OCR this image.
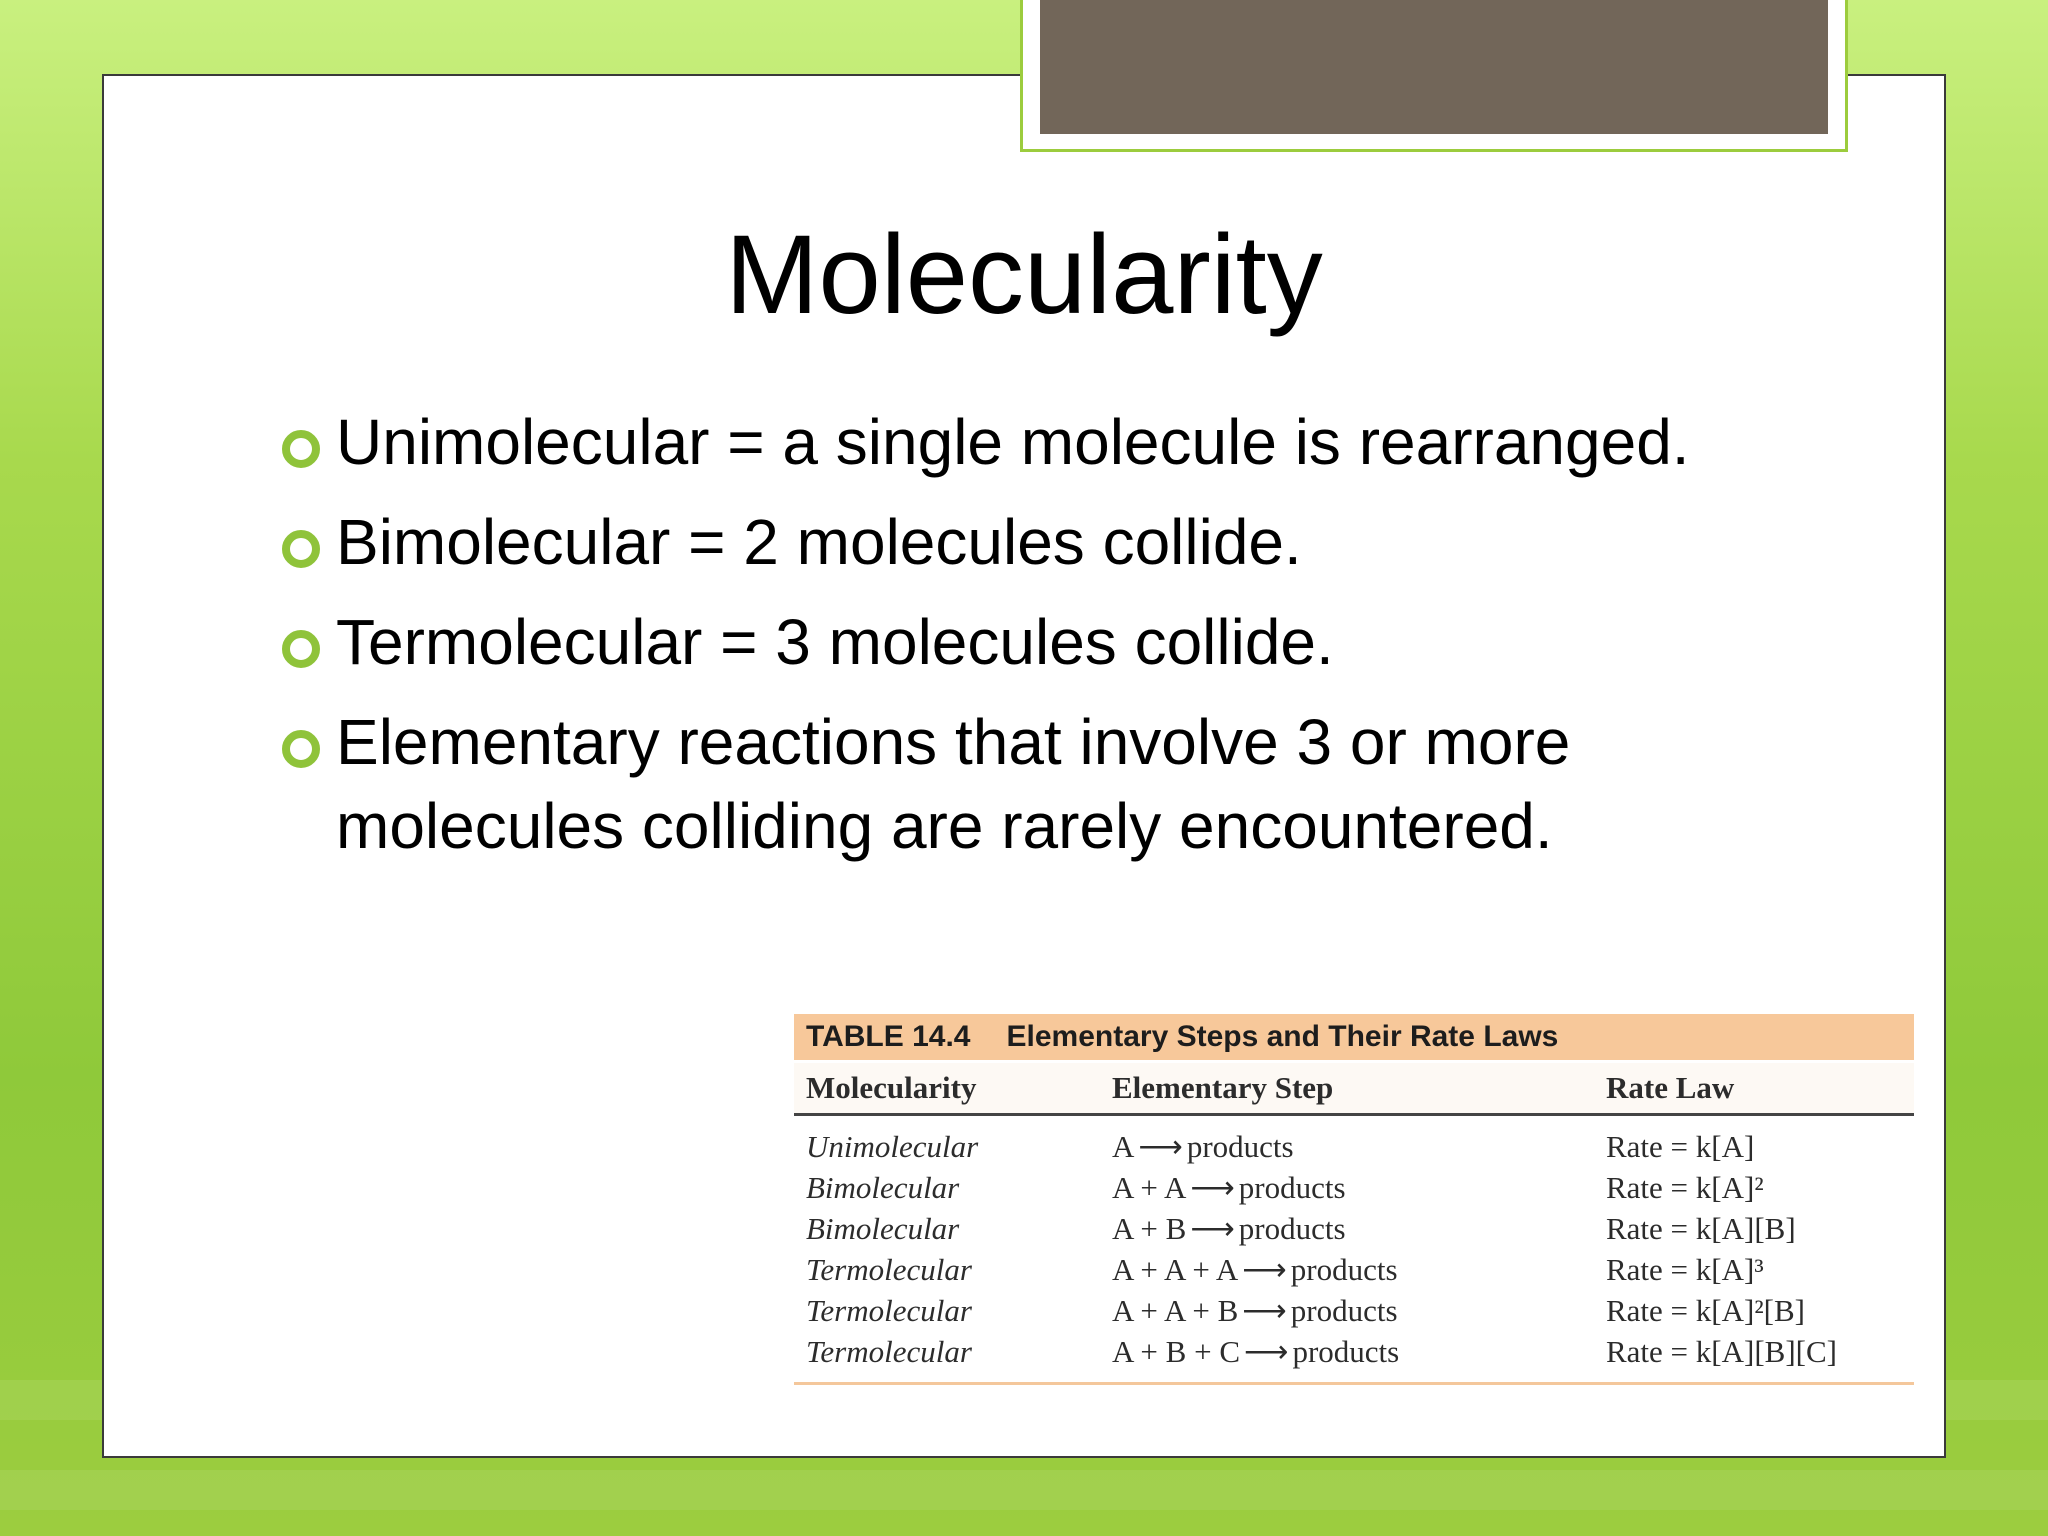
Molecularity
Unimolecular = a single molecule is rearranged.
Bimolecular = 2 molecules collide.
Termolecular = 3 molecules collide.
Elementary reactions that involve 3 or more molecules colliding are rarely encountered.
TABLE 14.4 Elementary Steps and Their Rate Laws
Molecularity	Elementary Step	Rate Law
Unimolecular	A ⟶ products	Rate = k[A]
Bimolecular	A + A ⟶ products	Rate = k[A]²
Bimolecular	A + B ⟶ products	Rate = k[A][B]
Termolecular	A + A + A ⟶ products	Rate = k[A]³
Termolecular	A + A + B ⟶ products	Rate = k[A]²[B]
Termolecular	A + B + C ⟶ products	Rate = k[A][B][C]
